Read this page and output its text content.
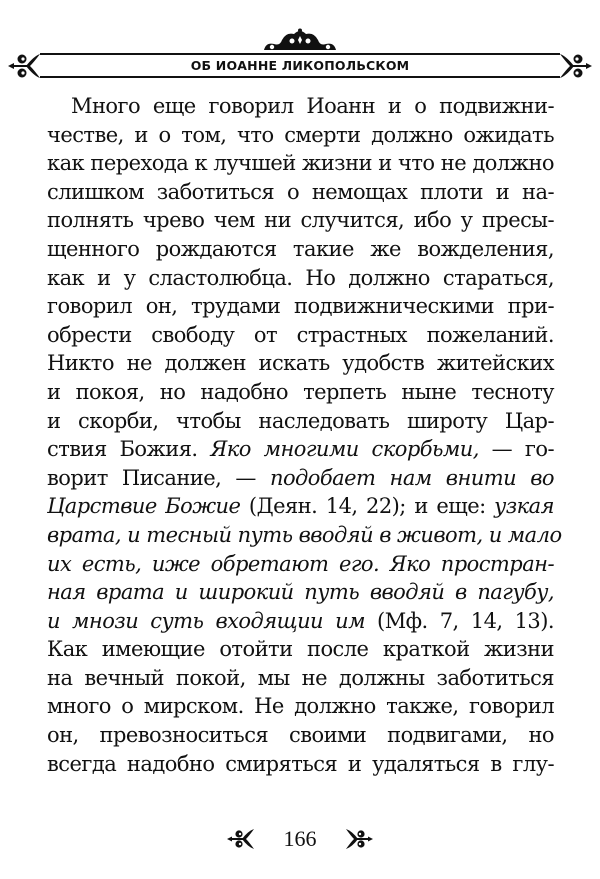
ОБ ИОАННЕ ЛИКОПОЛЬСКОМ
Много еще говорил Иоанн и о подвижни-
честве, и о том, что смерти должно ожидать
как перехода к лучшей жизни и что не должно
слишком заботиться о немощах плоти и на-
полнять чрево чем ни случится, ибо у пресы-
щенного рождаются такие же вожделения,
как и у сластолюбца. Но должно стараться,
говорил он, трудами подвижническими при-
обрести свободу от страстных пожеланий.
Никто не должен искать удобств житейских
и покоя, но надобно терпеть ныне тесноту
и скорби, чтобы наследовать широту Цар-
ствия Божия. Яко многими скорбьми, — го-
ворит Писание, — подобает нам внити во
Царствие Божие (Деян. 14, 22); и еще: узкая
врата, и тесный путь вводяй в живот, и мало
их есть, иже обретают его. Яко простран-
ная врата и широкий путь вводяй в пагубу,
и мнози суть входящии им (Мф. 7, 14, 13).
Как имеющие отойти после краткой жизни
на вечный покой, мы не должны заботиться
много о мирском. Не должно также, говорил
он, превозноситься своими подвигами, но
всегда надобно смиряться и удаляться в глу-
166
